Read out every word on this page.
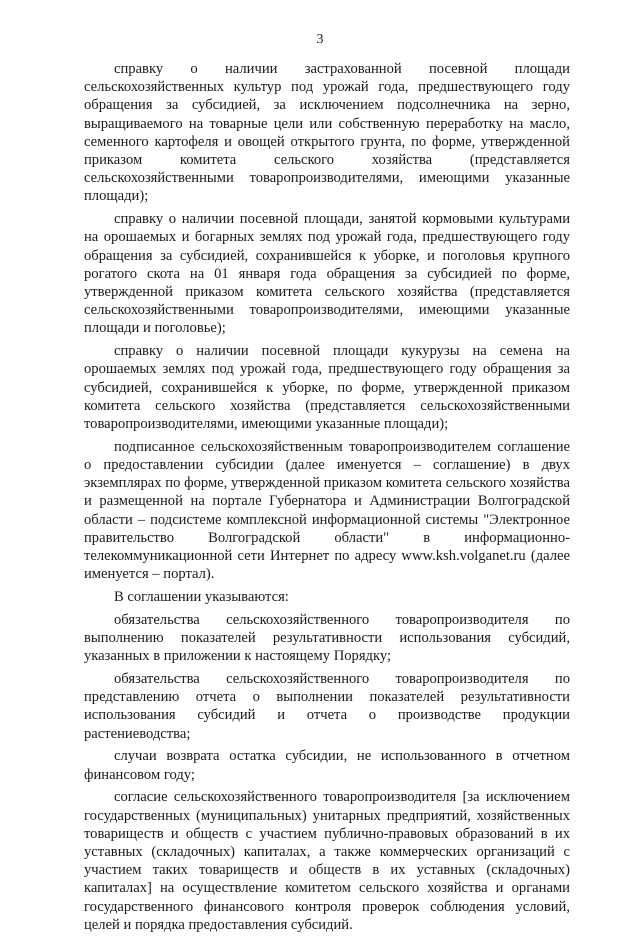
3

справку о наличии застрахованной посевной площади сельскохозяйственных культур под урожай года, предшествующего году обращения за субсидией, за исключением подсолнечника на зерно, выращиваемого на товарные цели или собственную переработку на масло, семенного картофеля и овощей открытого грунта, по форме, утвержденной приказом комитета сельского хозяйства (представляется сельскохозяйственными товаропроизводителями, имеющими указанные площади);

справку о наличии посевной площади, занятой кормовыми культурами на орошаемых и богарных землях под урожай года, предшествующего году обращения за субсидией, сохранившейся к уборке, и поголовья крупного рогатого скота на 01 января года обращения за субсидией по форме, утвержденной приказом комитета сельского хозяйства (представляется сельскохозяйственными товаропроизводителями, имеющими указанные площади и поголовье);

справку о наличии посевной площади кукурузы на семена на орошаемых землях под урожай года, предшествующего году обращения за субсидией, сохранившейся к уборке, по форме, утвержденной приказом комитета сельского хозяйства (представляется сельскохозяйственными товаропроизводителями, имеющими указанные площади);

подписанное сельскохозяйственным товаропроизводителем соглашение о предоставлении субсидии (далее именуется – соглашение) в двух экземплярах по форме, утвержденной приказом комитета сельского хозяйства и размещенной на портале Губернатора и Администрации Волгоградской области – подсистеме комплексной информационной системы "Электронное правительство Волгоградской области" в информационно-телекоммуникационной сети Интернет по адресу www.ksh.volganet.ru (далее именуется – портал).

В соглашении указываются:

обязательства сельскохозяйственного товаропроизводителя по выполнению показателей результативности использования субсидий, указанных в приложении к настоящему Порядку;

обязательства сельскохозяйственного товаропроизводителя по представлению отчета о выполнении показателей результативности использования субсидий и отчета о производстве продукции растениеводства;

случаи возврата остатка субсидии, не использованного в отчетном финансовом году;

согласие сельскохозяйственного товаропроизводителя [за исключением государственных (муниципальных) унитарных предприятий, хозяйственных товариществ и обществ с участием публично-правовых образований в их уставных (складочных) капиталах, а также коммерческих организаций с участием таких товариществ и обществ в их уставных (складочных) капиталах] на осуществление комитетом сельского хозяйства и органами государственного финансового контроля проверок соблюдения условий, целей и порядка предоставления субсидий.
